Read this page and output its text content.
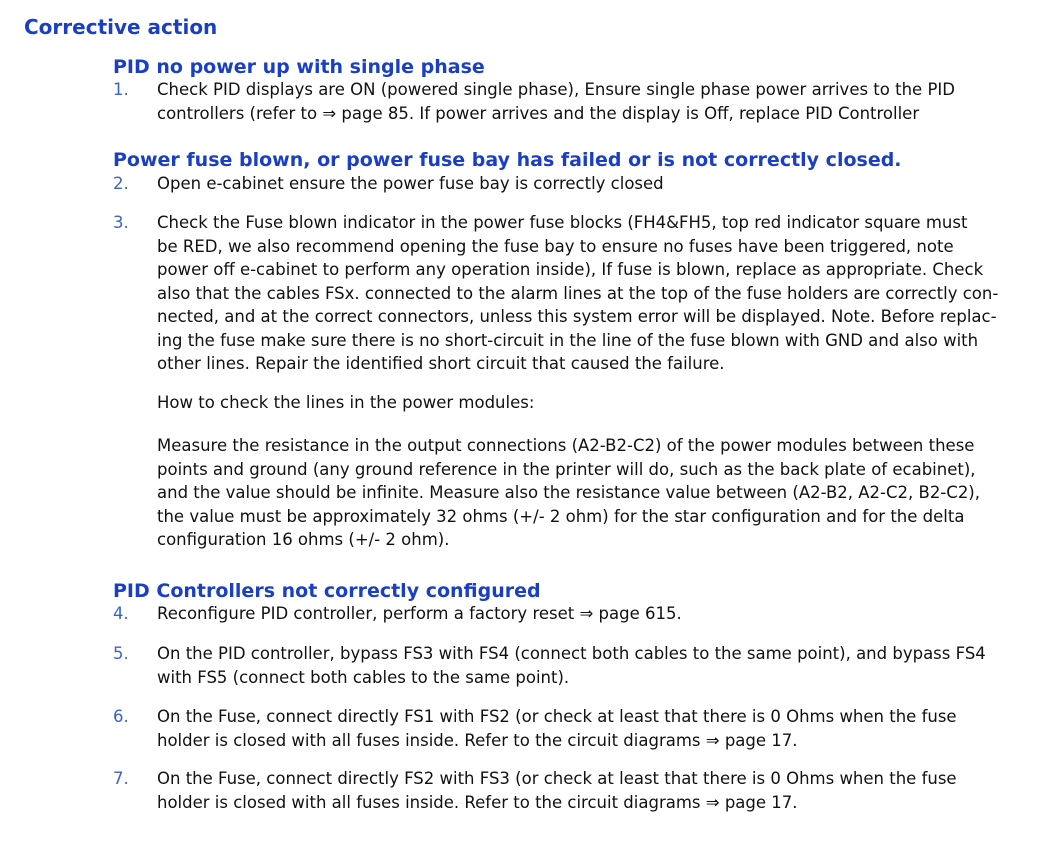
Corrective action
PID no power up with single phase
1.	Check PID displays are ON (powered single phase), Ensure single phase power arrives to the PID
controllers (refer to ⇒ page 85. If power arrives and the display is Off, replace PID Controller
Power fuse blown, or power fuse bay has failed or is not correctly closed.
2.	Open e-cabinet ensure the power fuse bay is correctly closed
3.	Check the Fuse blown indicator in the power fuse blocks (FH4&FH5, top red indicator square must
be RED, we also recommend opening the fuse bay to ensure no fuses have been triggered, note
power off e-cabinet to perform any operation inside), If fuse is blown, replace as appropriate. Check
also that the cables FSx. connected to the alarm lines at the top of the fuse holders are correctly con-
nected, and at the correct connectors, unless this system error will be displayed. Note. Before replac-
ing the fuse make sure there is no short-circuit in the line of the fuse blown with GND and also with
other lines. Repair the identified short circuit that caused the failure.
How to check the lines in the power modules:
Measure the resistance in the output connections (A2-B2-C2) of the power modules between these
points and ground (any ground reference in the printer will do, such as the back plate of ecabinet),
and the value should be infinite. Measure also the resistance value between (A2-B2, A2-C2, B2-C2),
the value must be approximately 32 ohms (+/- 2 ohm) for the star configuration and for the delta
configuration 16 ohms (+/- 2 ohm).
PID Controllers not correctly configured
4.	Reconfigure PID controller, perform a factory reset ⇒ page 615.
5.	On the PID controller, bypass FS3 with FS4 (connect both cables to the same point), and bypass FS4
with FS5 (connect both cables to the same point).
6.	On the Fuse, connect directly FS1 with FS2 (or check at least that there is 0 Ohms when the fuse
holder is closed with all fuses inside. Refer to the circuit diagrams ⇒ page 17.
7.	On the Fuse, connect directly FS2 with FS3 (or check at least that there is 0 Ohms when the fuse
holder is closed with all fuses inside. Refer to the circuit diagrams ⇒ page 17.
